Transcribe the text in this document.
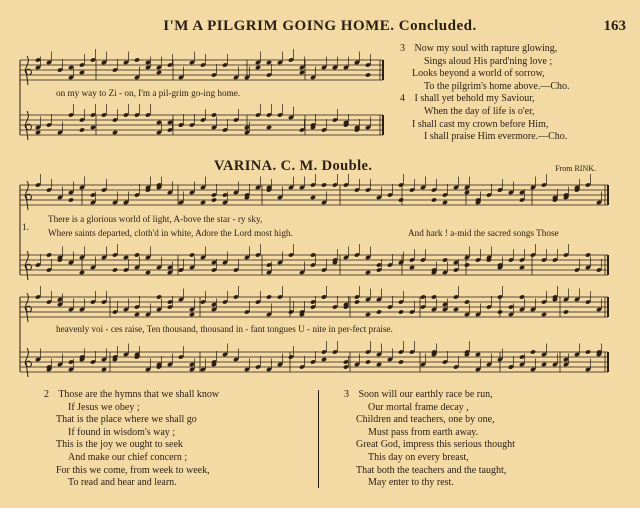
I'M A PILGRIM GOING HOME. Concluded.	163
on my way to Zi - on, I'm a pil-grim go-ing home.
3 Now my soul with rapture glowing,
Sings aloud His pard'ning love ;
Looks beyond a world of sorrow,
To the pilgrim's home above.—Cho.
4 I shall yet behold my Saviour,
When the day of life is o'er,
I shall cast my crown before Him,
I shall praise Him evermore.—Cho.
VARINA. C. M. Double.	From RINK.
1.
There is a glorious world of light, A-bove the star - ry sky,
Where saints departed, cloth'd in white, Adore the Lord most high.	And hark ! a-mid the sacred songs Those
heavenly voi - ces raise, Ten thousand, thousand in - fant tongues U - nite in per-fect praise.
2 Those are the hymns that we shall know
If Jesus we obey ;
That is the place where we shall go
If found in wisdom's way ;
This is the joy we ought to seek
And make our chief concern ;
For this we come, from week to week,
To read and hear and learn.
3 Soon will our earthly race be run,
Our mortal frame decay ,
Children and teachers, one by one,
Must pass from earth away.
Great God, impress this serious thought
This day on every breast,
That both the teachers and the taught,
May enter to thy rest.
